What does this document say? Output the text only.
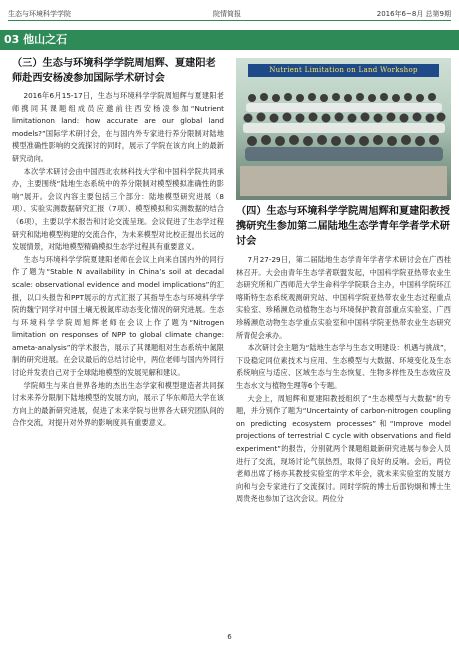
生态与环境科学学院	院情简报	2016年6~8月 总第9期
03 他山之石
（三）生态与环境科学学院周旭辉、夏建阳老师赴西安杨凌参加国际学术研讨会

2016年6月15-17日，生态与环境科学学院周旭辉与夏建阳老师携同其课题组成员应邀前往西安杨凌参加“Nutrient limitationon land: how accurate are our global land models?”国际学术研讨会，在与国内外专家进行养分限制对陆地模型准确性影响的交流探讨的同时，展示了学院在该方向上的最新研究动向。

本次学术研讨会由中国西北农林科技大学和中国科学院共同承办，主要围绕“陆地生态系统中的养分限制对模型模拟准确性的影响”展开。会议内容主要包括三个部分：陆地模型研究进展（8项）、实验实测数据研究汇报（7项）、模型模拟和实测数据的结合（6项），主要以学术报告和讨论交流呈现。会议促进了生态学过程研究和陆地模型构建的交流合作，为未来模型对比校正提出长远的发展情景，对陆地模型精确模拟生态学过程具有重要意义。

生态与环境科学学院夏建阳老师在会议上向来自国内外的同行作了题为“Stable N availability in China’s soil at decadal scale: observational evidence and model implications”的汇报，以口头报告和PPT展示的方式汇报了其指导生态与环境科学学院的魏宁同学对中国土壤无极氮库动态变化情况的研究进展。生态与环境科学学院周旭辉老师在会议上作了题为“Nitrogen limitation on responses of NPP to global climate change: ameta-analysis”的学术报告，展示了其课题组对生态系统中氮限制的研究进展。在会议最后的总结讨论中，两位老师与国内外同行讨论并发表自己对于全球陆地模型的发展见解和建议。

学院师生与来自世界各地的杰出生态学家和模型建造者共同探讨未来养分限制下陆地模型的发展方向，展示了华东师范大学在该方向上的最新研究进展，促进了未来学院与世界各大研究团队间的合作交流，对提升对外界的影响度具有重要意义。

Nutrient Limitation on Land Workshop
（四）生态与环境科学学院周旭辉和夏建阳教授携研究生参加第二届陆地生态学青年学者学术研讨会

7月27-29日，第二届陆地生态学青年学者学术研讨会在广西桂林召开。大会由青年生态学者联盟发起，中国科学院亚热带农业生态研究所和广西师范大学生命科学学院联合主办，中国科学院环江喀斯特生态系统观测研究站、中国科学院亚热带农业生态过程重点实验室、珍稀濒危动植物生态与环境保护教育部重点实验室、广西珍稀濒危动物生态学重点实验室和中国科学院亚热带农业生态研究所青促会承办。

本次研讨会主题为“陆地生态学与生态文明建设：机遇与挑战”，下设稳定同位素技术与应用、生态模型与大数据、环境变化及生态系统响应与适应、区域生态与生态恢复、生物多样性及生态效应及生态水文与植物生理等6个专题。

大会上，周旭辉和夏建阳教授组织了“生态模型与大数据”的专题，并分别作了题为“Uncertainty of carbon-nitrogen coupling on predicting ecosystem processes”和“Improve model projections of terrestrial C cycle with observations and field experiment”的报告，分别就两个课题组最新研究进展与参会人员进行了交流，现场讨论气氛热烈，取得了良好的反响。会后，两位老师出席了杨亦其教授实验室的学术年会，就未来实验室的发展方向和与会专家进行了交流探讨。同时学院的博士后邵钧炯和博士生周贵尧也参加了这次会议。两位分

6
